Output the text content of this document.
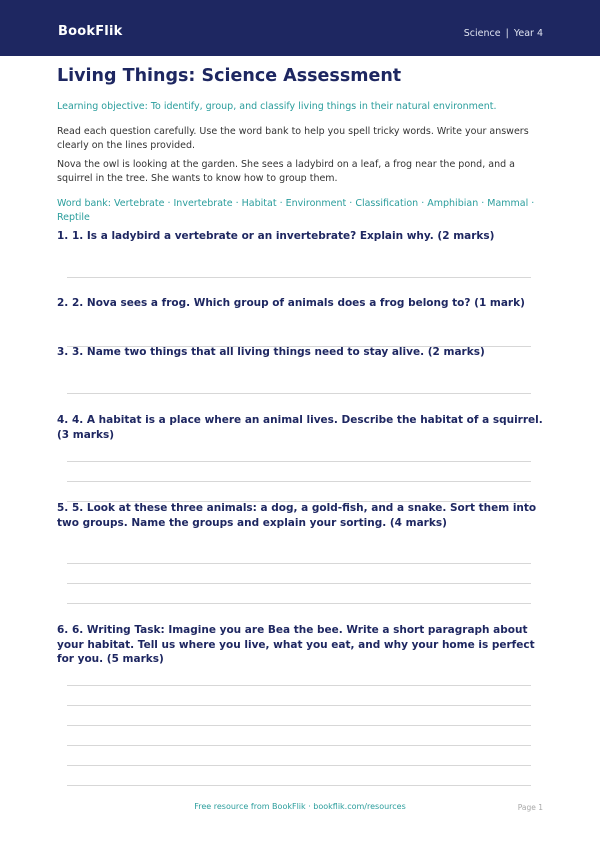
BookFlik	Science | Year 4
Living Things: Science Assessment

Learning objective: To identify, group, and classify living things in their natural environment.

Read each question carefully. Use the word bank to help you spell tricky words. Write your answers clearly on the lines provided.

Nova the owl is looking at the garden. She sees a ladybird on a leaf, a frog near the pond, and a squirrel in the tree. She wants to know how to group them.

Word bank: Vertebrate · Invertebrate · Habitat · Environment · Classification · Amphibian · Mammal · Reptile

1. 1. Is a ladybird a vertebrate or an invertebrate? Explain why. (2 marks)

2. 2. Nova sees a frog. Which group of animals does a frog belong to? (1 mark)

3. 3. Name two things that all living things need to stay alive. (2 marks)

4. 4. A habitat is a place where an animal lives. Describe the habitat of a squirrel. (3 marks)

5. 5. Look at these three animals: a dog, a gold-fish, and a snake. Sort them into two groups. Name the groups and explain your sorting. (4 marks)

6. 6. Writing Task: Imagine you are Bea the bee. Write a short paragraph about your habitat. Tell us where you live, what you eat, and why your home is perfect for you. (5 marks)

Free resource from BookFlik · bookflik.com/resources	Page 1
